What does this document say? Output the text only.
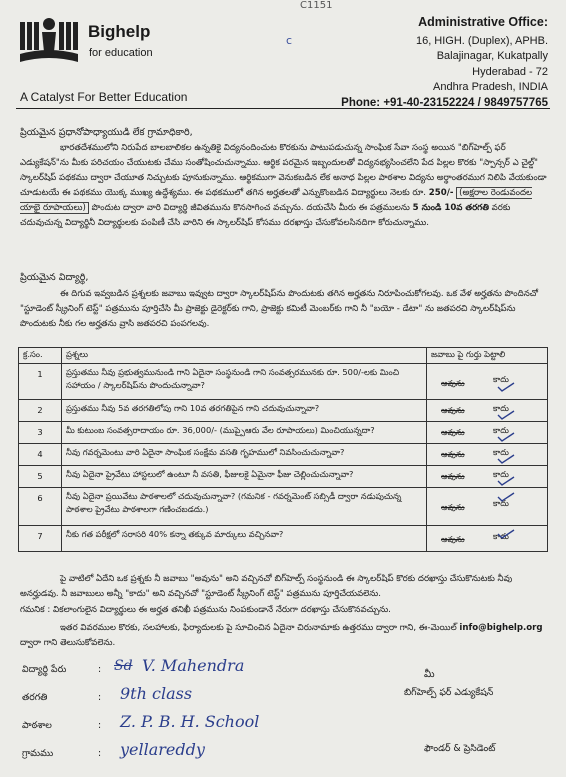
C1151
c
Bighelp
for education
A Catalyst For Better Education
Administrative Office:
16, HIGH. (Duplex), APHB.
Balajinagar, Kukatpally
Hyderabad - 72
Andhra Pradesh, INDIA
Phone: +91-40-23152224 / 9849757765
ప్రియమైన ప్రధానోపాధ్యాయుడి లేక గ్రామాధికారి,
భారతదేశములోని నిరుపేద బాలబాలికల ఉన్నతికై విద్యనందించుట కొరకును పాటుపడుచున్న సాంఘిక సేవా సంస్థ అయిన "బిగ్‌హెల్ప్ ఫర్ ఎడ్యుకేషన్"ను మీకు పరిచయం చేయుటకు చేము సంతోషించుచున్నాము. ఆర్థిక పరమైన ఇబ్బందులతో విద్యనభ్యసించలేని పేద పిల్లల కొరకు "స్పాన్సర్ ఎ చైల్డ్" స్కాలర్‌షిప్ పథకము ద్వారా చేయూత నిచ్చుటకు పూనుకున్నాము. ఆర్థికముగా వెనుకబడిన లేక అనాధ పిల్లల పాఠశాల విద్యను అర్థాంతరముగ నిలిపి వేయకుండా చూడుటయే ఈ పథకము యొక్క ముఖ్య ఉద్దేశ్యము. ఈ పథకములో తగిన అర్హతలతో ఎన్నుకొంబడిన విద్యార్థులు నెలకు రూ. 250/- (అక్షరాల రెండువందల యాభై రూపాయలు) పొందుట ద్వారా వారి విద్యార్థి జీవితమును కొనసాగించ వచ్చును. దయచేసి మీరు ఈ పత్రములను 5 నుండి 10వ తరగతి వరకు చదువుచున్న విద్యార్థినీ విద్యార్థులకు పంపిణీ చేసి వారిని ఈ స్కాలర్‌షిప్ కోసము దరఖాస్తు చేసుకోవలసినదిగా కోరుచున్నాము.
ప్రియమైన విద్యార్థి,
ఈ దిగువ ఇవ్వబడిన ప్రశ్నలకు జవాబు ఇవ్వుట ద్వారా స్కాలర్‌షిప్‌ను పొందుటకు తగిన అర్హతను నిరూపించుకోగలవు. ఒక వేళ అర్హతను పొందినచో "స్టూడెంట్ స్క్రీనింగ్ టెస్ట్" పత్రమును పూర్తిచేసి మీ ప్రాజెక్టు డైరెక్టర్‌కు గాని, ప్రాజెక్టు కమిటీ మెంబర్‌కు గాని నీ "బయో - డేటా" ను జతపరచి స్కాలర్‌షిప్‌ను పొందుటకు నీకు గల అర్హతను వ్రాసి జతపరచి పంపగలవు.
క్ర.సం.	ప్రశ్నలు	జవాబు పై గుర్తు పెట్టాలి
1	ప్రస్తుతము నీవు ప్రభుత్వమునుండి గాని ఏదైనా సంస్థనుండి గాని సంవత్సరమునకు రూ. 500/-లకు మించి సహాయం / స్కాలర్‌షిప్‌ను పొందుచున్నావా?	అవును కాదు

2	ప్రస్తుతము నీవు 5వ తరగతిలోపు గాని 10వ తరగతిపైన గాని చదువుచున్నావా?	అవును కాదు

3	మీ కుటుంబ సంవత్సరాదాయం రూ. 36,000/- (ముప్పైఆరు వేల రూపాయలు) మించియున్నదా?	అవును కాదు

4	నీవు గవర్నమెంటు వారి ఏదైనా సాంఘిక సంక్షేమ వసతి గృహములో నివసించుచున్నావా?	అవును కాదు

5	నీవు ఏదైనా ప్రైవేటు హాస్టలులో ఉంటూ నీ వసతి, ఫీజులకై ఏమైనా ఫీజు చెల్లించుచున్నావా?	అవును కాదు

6	నీవు ఏదైనా ప్రయివేటు పాఠశాలలో చదువుచున్నావా? (గమనిక - గవర్నమెంట్ సబ్సిడీ ద్వారా నడుపుచున్న పాఠశాల ప్రైవేటు పాఠశాలగా గణించబడదు.)	అవును కాదు

7	నీకు గత పరీక్షలో సరాసరి 40% కన్నా తక్కువ మార్కులు వచ్చినవా?	అవును కాదు
పై వాటిలో ఏదేని ఒక ప్రశ్నకు నీ జవాబు "అవును" అని వచ్చినచో బిగ్‌హెల్ప్ సంస్థనుండి ఈ స్కాలర్‌షిప్ కొరకు దరఖాస్తు చేసుకొనుటకు నీవు అనర్హుడవు. నీ జవాబులు అన్నీ "కాదు" అని వచ్చినచో "స్టూడెంట్ స్క్రీనింగ్ టెస్ట్" పత్రమును పూర్తిచేయవలెను.
గమనిక : వికలాంగులైన విద్యార్థులు ఈ అర్హత తనిఖీ పత్రమును నింపకుండానే నేరుగా దరఖాస్తు చేసుకొనవచ్చును.
ఇతర వివరముల కొరకు, సలహాలకు, ఫిర్యాదులకు పై సూచించిన ఏదైనా చిరునామాకు ఉత్తరము ద్వారా గాని, ఈ-మెయిల్ info@bighelp.org ద్వారా గాని తెలుసుకోవలెను.
విద్యార్థి పేరు	: Sd V. Mahendra
తరగతి	: 9th class
పాఠశాల	: Z. P. B. H. School
గ్రామము	: yellareddy
మీ
బిగ్‌హెల్ప్ ఫర్ ఎడ్యుకేషన్
ఫౌండర్ & ప్రెసిడెంట్
